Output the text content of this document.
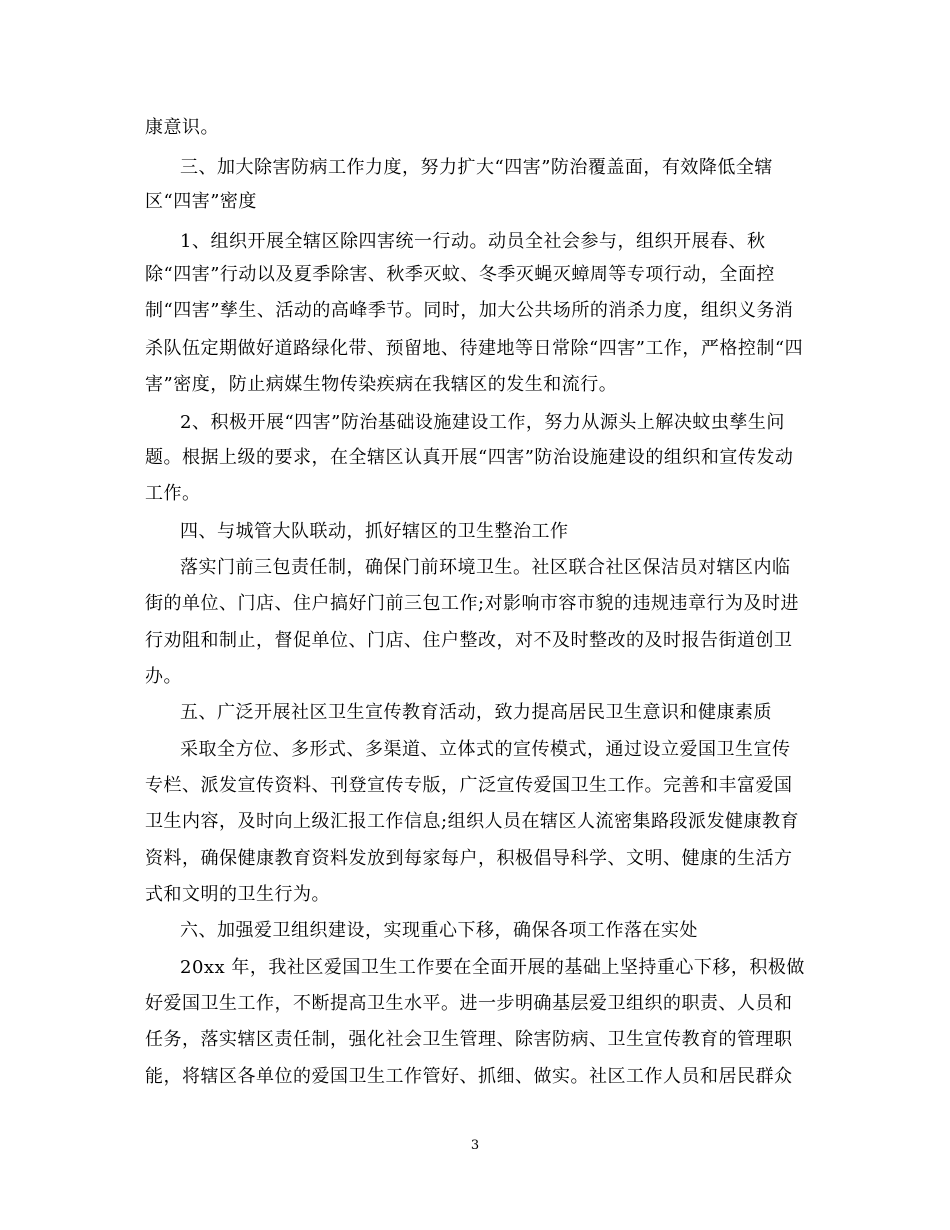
康意识。
三、加大除害防病工作力度，努力扩大“四害”防治覆盖面，有效降低全辖
区“四害”密度
1、组织开展全辖区除四害统一行动。动员全社会参与，组织开展春、秋
除“四害”行动以及夏季除害、秋季灭蚊、冬季灭蝇灭蟑周等专项行动，全面控
制“四害”孳生、活动的高峰季节。同时，加大公共场所的消杀力度，组织义务消
杀队伍定期做好道路绿化带、预留地、待建地等日常除“四害”工作，严格控制“四
害”密度，防止病媒生物传染疾病在我辖区的发生和流行。
2、积极开展“四害”防治基础设施建设工作，努力从源头上解决蚊虫孳生问
题。根据上级的要求，在全辖区认真开展“四害”防治设施建设的组织和宣传发动
工作。
四、与城管大队联动，抓好辖区的卫生整治工作
落实门前三包责任制，确保门前环境卫生。社区联合社区保洁员对辖区内临
街的单位、门店、住户搞好门前三包工作;对影响市容市貌的违规违章行为及时进
行劝阻和制止，督促单位、门店、住户整改，对不及时整改的及时报告街道创卫
办。
五、广泛开展社区卫生宣传教育活动，致力提高居民卫生意识和健康素质
采取全方位、多形式、多渠道、立体式的宣传模式，通过设立爱国卫生宣传
专栏、派发宣传资料、刊登宣传专版，广泛宣传爱国卫生工作。完善和丰富爱国
卫生内容，及时向上级汇报工作信息;组织人员在辖区人流密集路段派发健康教育
资料，确保健康教育资料发放到每家每户，积极倡导科学、文明、健康的生活方
式和文明的卫生行为。
六、加强爱卫组织建设，实现重心下移，确保各项工作落在实处
20xx 年，我社区爱国卫生工作要在全面开展的基础上坚持重心下移，积极做
好爱国卫生工作，不断提高卫生水平。进一步明确基层爱卫组织的职责、人员和
任务，落实辖区责任制，强化社会卫生管理、除害防病、卫生宣传教育的管理职
能，将辖区各单位的爱国卫生工作管好、抓细、做实。社区工作人员和居民群众
3
